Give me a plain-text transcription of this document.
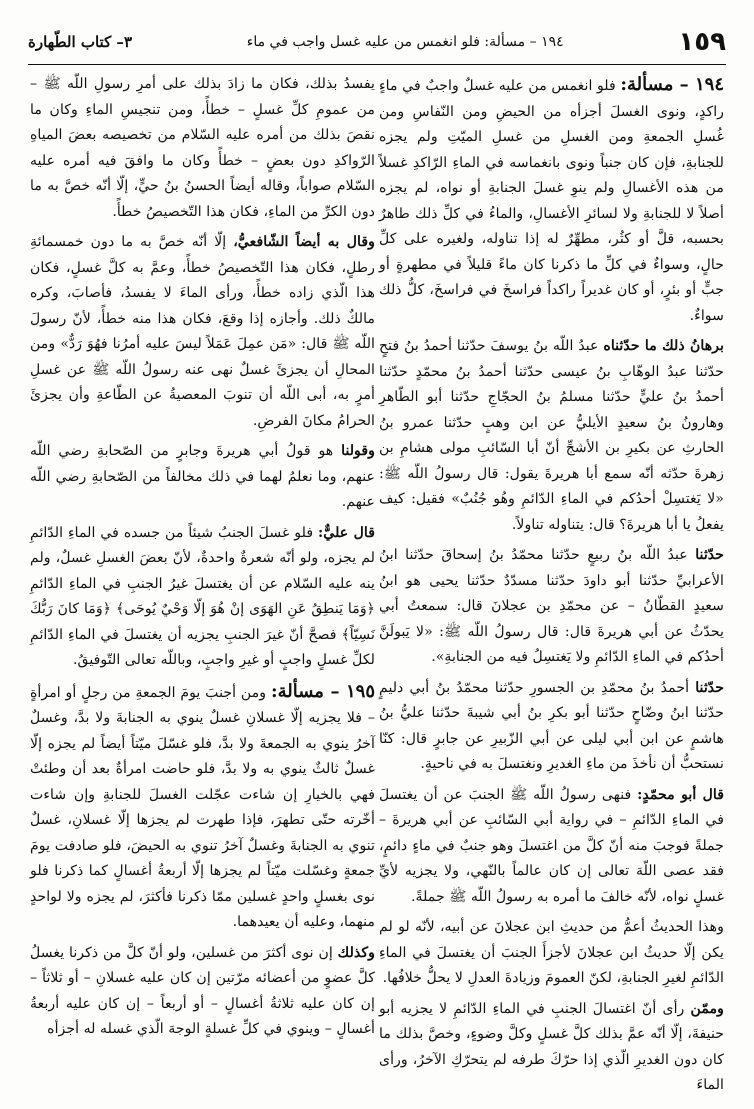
١٥٩
١٩٤ – مسألة: فلو انغمس من عليه غسل واجب في ماء
٣– كتاب الطّهارة

١٩٤ – مسألة: فلو انغمس من عليه غسلٌ واجبٌ في ماءٍ راكدٍ، ونوى الغسلَ أجزأه من الحيضِ ومن النّفاسِ ومن غُسلِ الجمعةِ ومن الغسلِ من غسلِ الميّتِ ولم يجزه للجنابةِ، فإن كان جنباً ونوى بانغماسه في الماءِ الرّاكدِ غسلاً من هذه الأغسالِ ولم ينوِ غسلَ الجنابةِ أو نواه، لم يجزه أصلاً لا للجنابةِ ولا لسائرِ الأغسالِ، والماءُ في كلِّ ذلك طاهرٌ بحسبه، قلَّ أو كثُر، مطهِّرٌ له إذا تناوله، ولغيره على كلِّ حالٍ، وسواءٌ في كلِّ ما ذكرنا كان ماءً قليلاً في مطهرةٍ أو جبٍّ أو بئرٍ، أو كان غديراً راكداً فراسخَ في فراسخَ، كلُّ ذلك سواءٌ.

برهانُ ذلك ما حدّثناه عبدُ اللّه بنُ يوسفَ حدّثنا أحمدُ بنُ فتحٍ حدّثنا عبدُ الوهّابِ بنُ عيسى حدّثنا أحمدُ بنُ محمّدٍ حدّثنا أحمدُ بنُ عليٍّ حدّثنا مسلمُ بنُ الحجّاجِ حدّثنا أبو الطّاهرِ وهارونُ بنُ سعيدٍ الأيليُّ عن ابن وهبٍ حدّثنا عمرو بنُ الحارثِ عن بكيرِ بن الأشجِّ أنّ أبا السّائبِ مولى هشامِ بن زهرةَ حدّثه أنّه سمع أبا هريرةَ يقول: قال رسولُ اللّه ﷺ: «لا يَغتسِلْ أحدُكم في الماءِ الدّائمِ وهُو جُنُبٌ» فقيل: كيف يفعلُ يا أبا هريرةَ؟ قال: يتناوله تناولاً.

حدّثنا عبدُ اللّه بنُ ربيعٍ حدّثنا محمّدُ بنُ إسحاقَ حدّثنا ابنُ الأعرابيِّ حدّثنا أبو داودَ حدّثنا مسدّدٌ حدّثنا يحيى هو ابنُ سعيدٍ القطّانُ – عن محمّدِ بن عجلانَ قال: سمعتُ أبي يحدّثُ عن أبي هريرةَ قال: قال رسولُ اللّه ﷺ: «لا يَبولَنَّ أحدُكم في الماءِ الدّائمِ ولا يَغتسِلُ فيه من الجنابةِ».

حدّثنا أحمدُ بنُ محمّدِ بن الجسورِ حدّثنا محمّدُ بنُ أبي دليمٍ حدّثنا ابنُ وضّاحٍ حدّثنا أبو بكرِ بنُ أبي شيبةَ حدّثنا عليُّ بنُ هاشمٍ عن ابن أبي ليلى عن أبي الزّبيرِ عن جابرٍ قال: كنّا نستحبُّ أن نأخذَ من ماءِ الغديرِ ونغتسلَ به في ناحيةٍ.

قال أبو محمّدٍ: فنهى رسولُ اللّه ﷺ الجنبَ عن أن يغتسلَ في الماءِ الدّائمِ – في رواية أبي السّائبِ عن أبي هريرةَ – جملةً فوجبَ منه أنّ كلَّ من اغتسلَ وهو جنبٌ في ماءٍ دائمٍ، فقد عصى اللّهَ تعالى إن كان عالماً بالنّهي، ولا يجزيه لأيِّ غسلٍ نواه، لأنّه خالفَ ما أمره به رسولُ اللّه ﷺ جملةً.

وهذا الحديثُ أعمُّ من حديثِ ابن عجلانَ عن أبيه، لأنّه لو لم يكن إلّا حديثُ ابن عجلانَ لأجزأَ الجنبَ أن يغتسلَ في الماءِ الدّائمِ لغيرِ الجنابةِ، لكنّ العمومَ وزيادةَ العدلِ لا يحلُّ خلافُها.

وممّن رأى أنّ اغتسالَ الجنبِ في الماءِ الدّائمِ لا يجزيه أبو حنيفةَ، إلّا أنّه عمَّ بذلك كلَّ غسلٍ وكلَّ وضوءٍ، وخصَّ بذلك ما كان دون الغديرِ الّذي إذا حرّكَ طرفه لم يتحرّكِ الآخرُ، ورأى الماءَ

يفسدُ بذلك، فكان ما زادَ بذلك على أمرِ رسولِ اللّه ﷺ – من عمومِ كلِّ غسلٍ – خطأً، ومن تنجيسِ الماءِ وكان ما نقصَ بذلك من أمره عليه السّلام من تخصيصه بعضَ المياهِ الرّواكدِ دون بعضٍ – خطأً وكان ما وافقَ فيه أمره عليه السّلام صواباً، وقاله أيضاً الحسنُ بنُ حيٍّ، إلّا أنّه خصَّ به ما دون الكرِّ من الماءِ، فكان هذا التّخصيصُ خطأً.

وقال به أيضاً الشّافعيُّ، إلّا أنّه خصَّ به ما دون خمسمائةِ رطلٍ، فكان هذا التّخصيصُ خطأً، وعمَّ به كلَّ غسلٍ، فكان هذا الّذي زاده خطأً، ورأى الماءَ لا يفسدُ، فأصابَ، وكره مالكٌ ذلك. وأجازه إذا وقعَ، فكان هذا منه خطأً، لأنّ رسولَ اللّه ﷺ قال: «مَن عمِلَ عَمَلاً ليسَ عليه أمرُنا فهُوَ رَدٌّ» ومن المحالِ أن يجزئَ غسلٌ نهى عنه رسولُ اللّه ﷺ عن غسلِ أمرٍ به، أبى اللّه أن تنوبَ المعصيةُ عن الطّاعةِ وأن يجزئَ الحرامُ مكانَ الفرضِ.

وقولنا هو قولُ أبي هريرةَ وجابرٍ من الصّحابةِ رضي اللّه عنهم، وما نعلمُ لهما في ذلك مخالفاً من الصّحابةِ رضي اللّه عنهم.

قال عليٌّ: فلو غسلَ الجنبُ شيئاً من جسده في الماءِ الدّائمِ لم يجزه، ولو أنّه شعرةٌ واحدةٌ، لأنّ بعضَ الغسلِ غسلٌ، ولم ينه عليه السّلام عن أن يغتسلَ غيرُ الجنبِ في الماءِ الدّائمِ ﴿وَمَا يَنطِقُ عَنِ الهَوَى إنْ هُوَ إلّا وَحْيٌ يُوحَى﴾ ﴿وَمَا كانَ رَبُّكَ نَسِيّاً﴾ فصحَّ أنّ غيرَ الجنبِ يجزيه أن يغتسلَ في الماءِ الدّائمِ لكلِّ غسلٍ واجبٍ أو غيرِ واجبٍ، وباللّه تعالى التّوفيقُ.

١٩٥ – مسألة: ومن أجنبَ يومَ الجمعةِ من رجلٍ أو امرأةٍ – فلا يجزيه إلّا غسلانِ غسلٌ ينوي به الجنابةَ ولا بدَّ، وغسلٌ آخرُ ينوي به الجمعةَ ولا بدَّ، فلو غسّلَ ميّتاً أيضاً لم يجزه إلّا غسلٌ ثالثٌ ينوي به ولا بدَّ، فلو حاضت امرأةٌ بعد أن وطئتْ فهي بالخيارِ إن شاءت عجّلت الغسلَ للجنابةِ وإن شاءت أخّرته حتّى تطهرَ، فإذا طهرت لم يجزها إلّا غسلانِ، غسلٌ تنوي به الجنابةَ وغسلٌ آخرُ تنوي به الحيضَ، فلو صادفت يومَ جمعةٍ وغسّلت ميّتاً لم يجزها إلّا أربعةُ أغسالٍ كما ذكرنا فلو نوى بغسلٍ واحدٍ غسلين ممّا ذكرنا فأكثرَ، لم يجزه ولا لواحدٍ منهما، وعليه أن يعيدهما.

وكذلك إن نوى أكثرَ من غسلين، ولو أنّ كلَّ من ذكرنا يغسلُ كلَّ عضوٍ من أعضائه مرّتين إن كان عليه غسلانِ – أو ثلاثاً – إن كان عليه ثلاثةُ أغسالٍ – أو أربعاً – إن كان عليه أربعةُ أغسالٍ – وينوي في كلِّ غسلةٍ الوجهَ الّذي غسله له أجزأه
